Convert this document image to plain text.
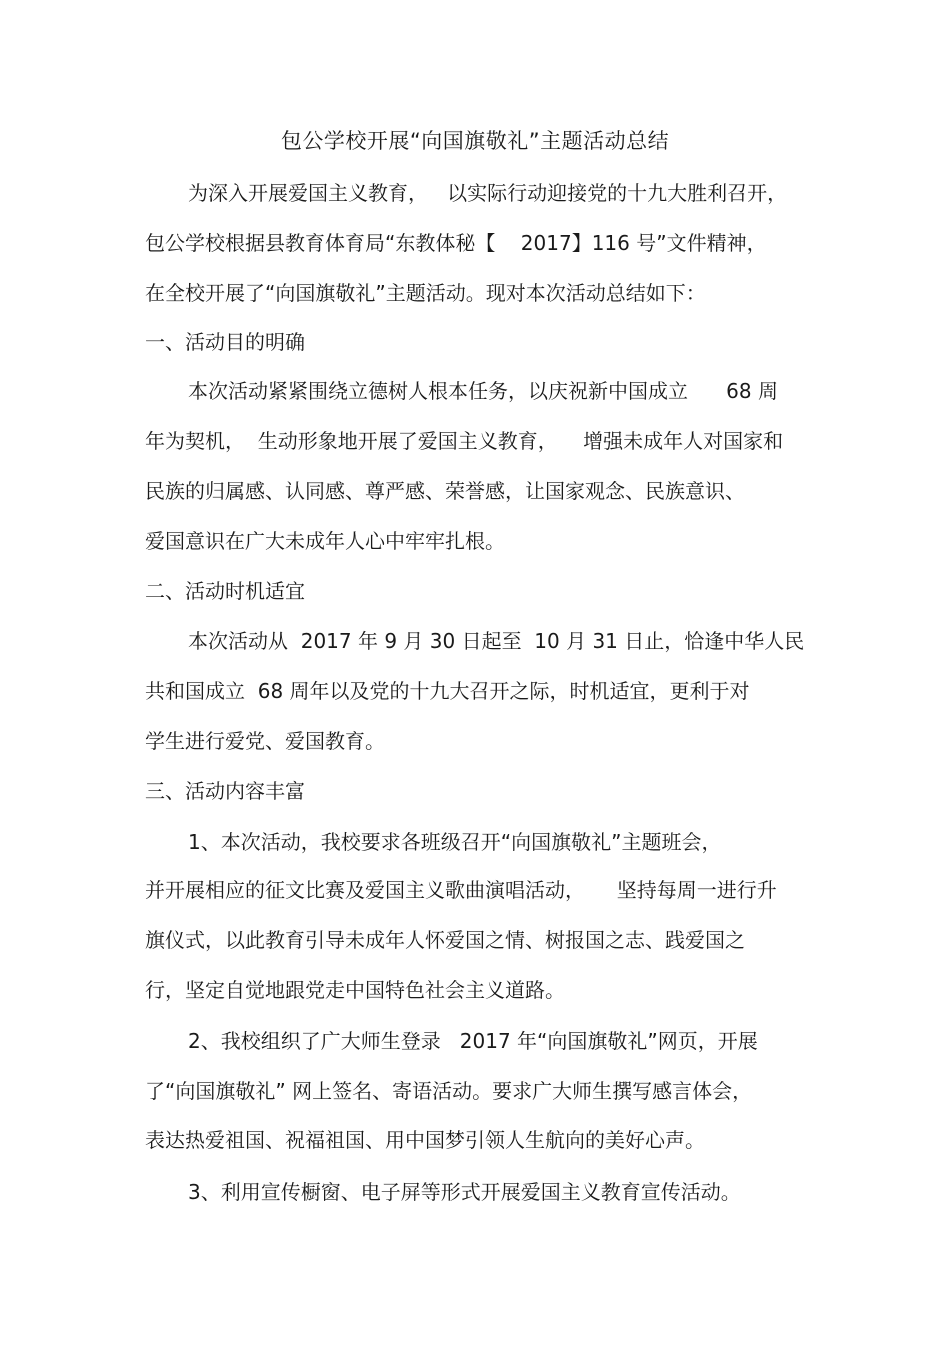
包公学校开展“向国旗敬礼”主题活动总结

为深入开展爱国主义教育，   以实际行动迎接党的十九大胜利召开，

包公学校根据县教育体育局“东教体秘【    2017】116 号”文件精神，

在全校开展了“向国旗敬礼”主题活动。现对本次活动总结如下：

一、活动目的明确

本次活动紧紧围绕立德树人根本任务，以庆祝新中国成立      68 周

年为契机，  生动形象地开展了爱国主义教育，    增强未成年人对国家和

民族的归属感、认同感、尊严感、荣誉感，让国家观念、民族意识、

爱国意识在广大未成年人心中牢牢扎根。

二、活动时机适宜

本次活动从  2017 年 9 月 30 日起至  10 月 31 日止，恰逢中华人民

共和国成立  68 周年以及党的十九大召开之际，时机适宜，更利于对

学生进行爱党、爱国教育。

三、活动内容丰富

1、本次活动，我校要求各班级召开“向国旗敬礼”主题班会，

并开展相应的征文比赛及爱国主义歌曲演唱活动，     坚持每周一进行升

旗仪式，以此教育引导未成年人怀爱国之情、树报国之志、践爱国之

行，坚定自觉地跟党走中国特色社会主义道路。

2、我校组织了广大师生登录   2017 年“向国旗敬礼”网页，开展

了“向国旗敬礼” 网上签名、寄语活动。要求广大师生撰写感言体会，

表达热爱祖国、祝福祖国、用中国梦引领人生航向的美好心声。

3、利用宣传橱窗、电子屏等形式开展爱国主义教育宣传活动。
